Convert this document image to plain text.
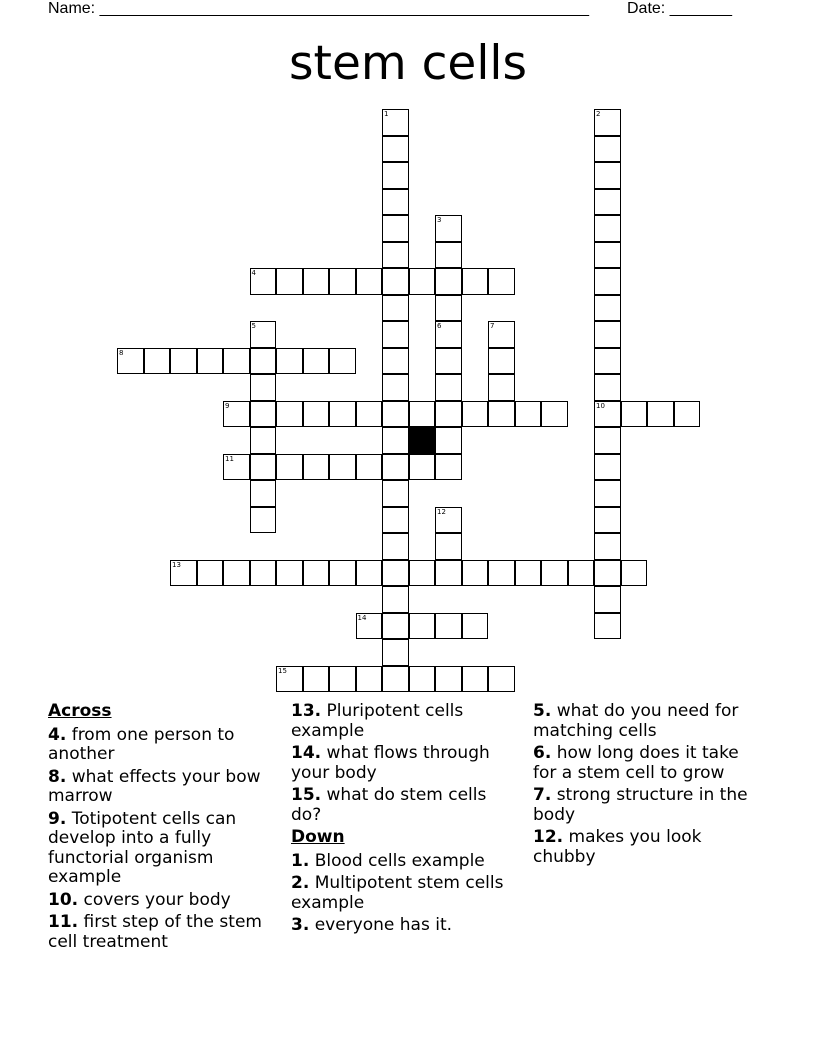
Name: _______________________________________________________ Date: _______
stem cells
1	2
10
3
6
4
5	7
8
9
11
12
13
14
15
Across
4. from one person to another
8. what effects your bow marrow
9. Totipotent cells can develop into a fully functorial organism example
10. covers your body
11. first step of the stem cell treatment
13. Pluripotent cells example
14. what flows through your body
15. what do stem cells do?
Down
1. Blood cells example
2. Multipotent stem cells example
3. everyone has it.
5. what do you need for matching cells
6. how long does it take for a stem cell to grow
7. strong structure in the body
12. makes you look chubby
